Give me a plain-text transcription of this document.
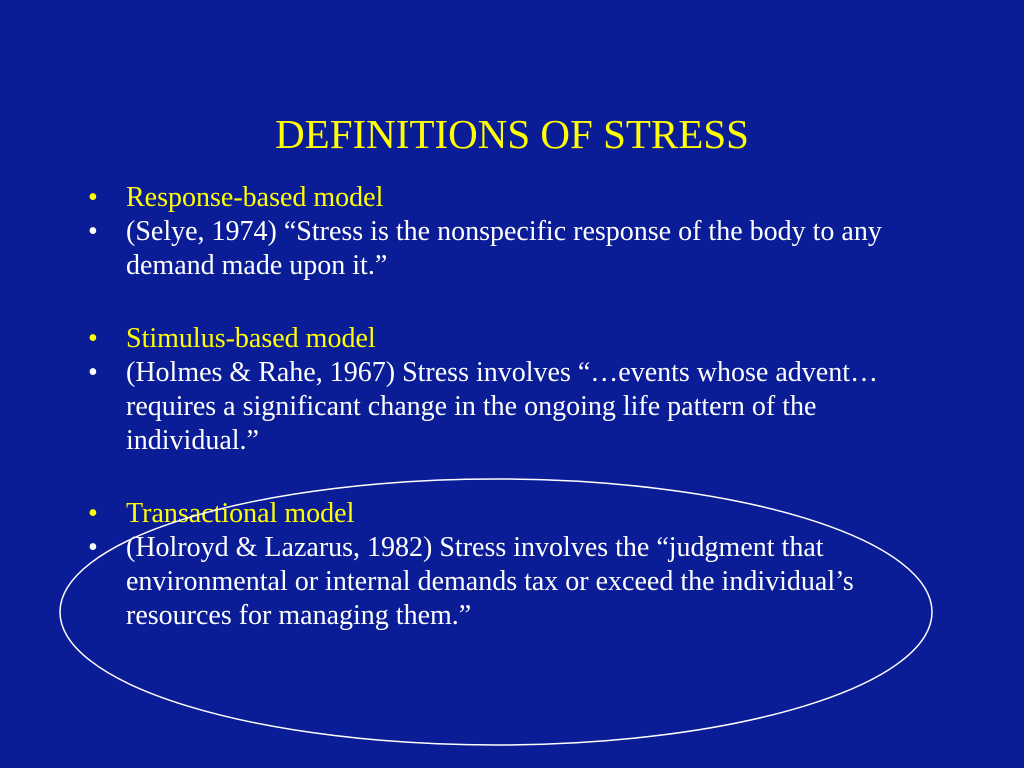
DEFINITIONS OF STRESS
•	Response-based model
•	(Selye, 1974) “Stress is the nonspecific response of the body to any demand made upon it.”
•	Stimulus-based model
•	(Holmes & Rahe, 1967) Stress involves “…events whose advent…requires a significant change in the ongoing life pattern of the individual.”
•	Transactional model
•	(Holroyd & Lazarus, 1982) Stress involves the “judgment that environmental or internal demands tax or exceed the individual’s resources for managing them.”
